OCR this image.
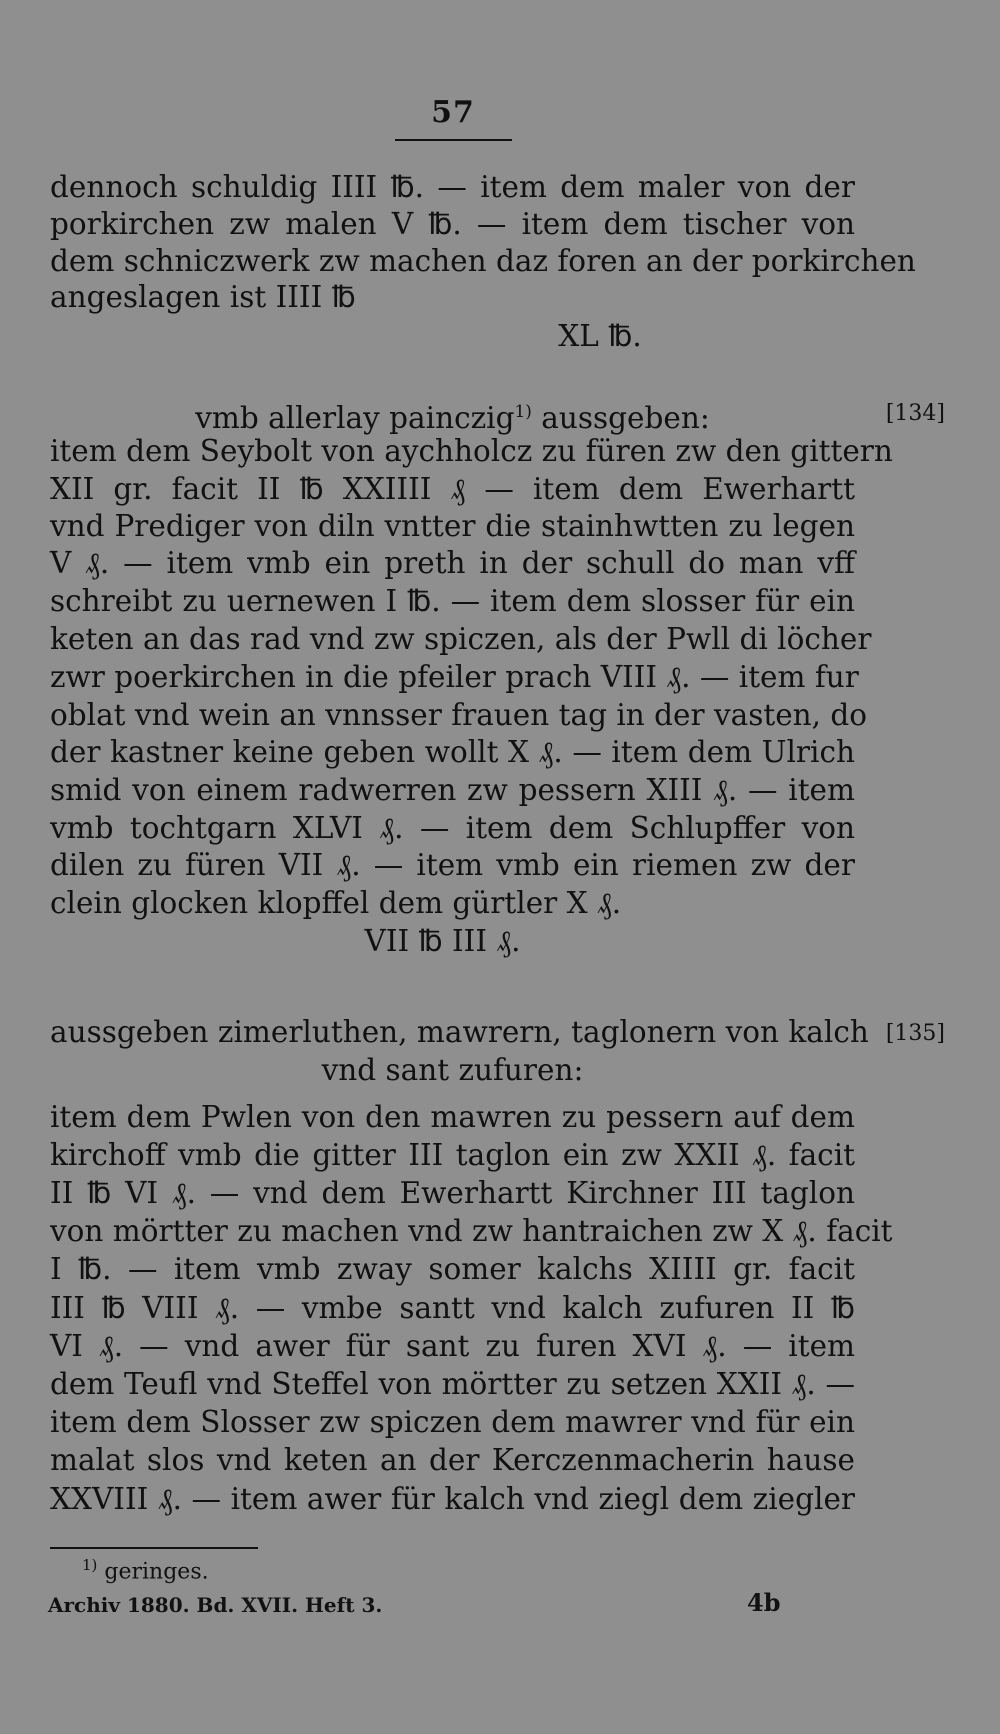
57
dennoch schuldig IIII ℔. — item dem maler von der
porkirchen zw malen V ℔. — item dem tischer von
dem schniczwerk zw machen daz foren an der porkirchen
angeslagen ist IIII ℔
XL ℔.
vmb allerlay painczig$^{1)}$ aussgeben:	[134]
item dem Seybolt von aychholcz zu füren zw den gittern
XII gr. facit II ℔ XXIIII ₰ — item dem Ewerhartt
vnd Prediger von diln vntter die stainhwtten zu legen
V ₰. — item vmb ein preth in der schull do man vff
schreibt zu uernewen I ℔. — item dem slosser für ein
keten an das rad vnd zw spiczen, als der Pwll di löcher
zwr poerkirchen in die pfeiler prach VIII ₰. — item fur
oblat vnd wein an vnnsser frauen tag in der vasten, do
der kastner keine geben wollt X ₰. — item dem Ulrich
smid von einem radwerren zw pessern XIII ₰. — item
vmb tochtgarn XLVI ₰. — item dem Schlupffer von
dilen zu füren VII ₰. — item vmb ein riemen zw der
clein glocken klopffel dem gürtler X ₰.
VII ℔ III ₰.
aussgeben zimerluthen, mawrern, taglonern von kalch [135]
vnd sant zufuren:
item dem Pwlen von den mawren zu pessern auf dem
kirchoff vmb die gitter III taglon ein zw XXII ₰. facit
II ℔ VI ₰. — vnd dem Ewerhartt Kirchner III taglon
von mörtter zu machen vnd zw hantraichen zw X ₰. facit
I ℔. — item vmb zway somer kalchs XIIII gr. facit
III ℔ VIII ₰. — vmbe santt vnd kalch zufuren II ℔
VI ₰. — vnd awer für sant zu furen XVI ₰. — item
dem Teufl vnd Steffel von mörtter zu setzen XXII ₰. —
item dem Slosser zw spiczen dem mawrer vnd für ein
malat slos vnd keten an der Kerczenmacherin hause
XXVIII ₰. — item awer für kalch vnd ziegl dem ziegler
$^{1)}$ geringes.
Archiv 1880. Bd. XVII. Heft 3.	4b
